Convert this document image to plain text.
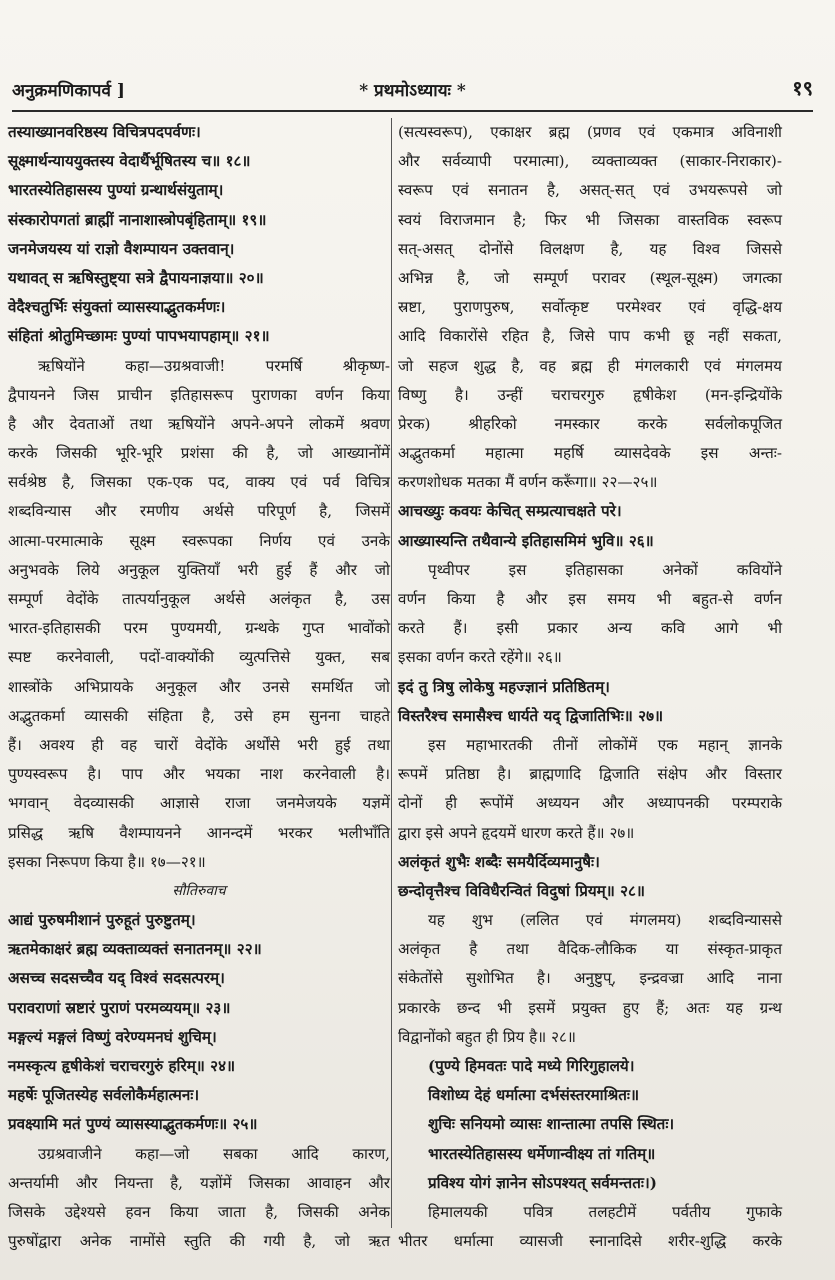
अनुक्रमणिकापर्व ]	* प्रथमोऽध्यायः *	१९
तस्याख्यानवरिष्ठस्य विचित्रपदपर्वणः।
सूक्ष्मार्थन्याययुक्तस्य वेदार्थैर्भूषितस्य च॥ १८॥
भारतस्येतिहासस्य पुण्यां ग्रन्थार्थसंयुताम्।
संस्कारोपगतां ब्राह्मीं नानाशास्त्रोपबृंहिताम्॥ १९॥
जनमेजयस्य यां राज्ञो वैशम्पायन उक्तवान्।
यथावत् स ऋषिस्तुष्ट्या सत्रे द्वैपायनाज्ञया॥ २०॥
वेदैश्चतुर्भिः संयुक्तां व्यासस्याद्भुतकर्मणः।
संहितां श्रोतुमिच्छामः पुण्यां पापभयापहाम्॥ २१॥
ऋषियोंने कहा—उग्रश्रवाजी! परमर्षि श्रीकृष्ण-
द्वैपायनने जिस प्राचीन इतिहासरूप पुराणका वर्णन किया
है और देवताओं तथा ऋषियोंने अपने-अपने लोकमें श्रवण
करके जिसकी भूरि-भूरि प्रशंसा की है, जो आख्यानोंमें
सर्वश्रेष्ठ है, जिसका एक-एक पद, वाक्य एवं पर्व विचित्र
शब्दविन्यास और रमणीय अर्थसे परिपूर्ण है, जिसमें
आत्मा-परमात्माके सूक्ष्म स्वरूपका निर्णय एवं उनके
अनुभवके लिये अनुकूल युक्तियाँ भरी हुई हैं और जो
सम्पूर्ण वेदोंके तात्पर्यानुकूल अर्थसे अलंकृत है, उस
भारत-इतिहासकी परम पुण्यमयी, ग्रन्थके गुप्त भावोंको
स्पष्ट करनेवाली, पदों-वाक्योंकी व्युत्पत्तिसे युक्त, सब
शास्त्रोंके अभिप्रायके अनुकूल और उनसे समर्थित जो
अद्भुतकर्मा व्यासकी संहिता है, उसे हम सुनना चाहते
हैं। अवश्य ही वह चारों वेदोंके अर्थोंसे भरी हुई तथा
पुण्यस्वरूप है। पाप और भयका नाश करनेवाली है।
भगवान् वेदव्यासकी आज्ञासे राजा जनमेजयके यज्ञमें
प्रसिद्ध ऋषि वैशम्पायनने आनन्दमें भरकर भलीभाँति
इसका निरूपण किया है॥ १७—२१॥
सौतिरुवाच
आद्यं पुरुषमीशानं पुरुहूतं पुरुष्टुतम्।
ऋतमेकाक्षरं ब्रह्म व्यक्ताव्यक्तं सनातनम्॥ २२॥
असच्च सदसच्चैव यद् विश्वं सदसत्परम्।
परावराणां स्रष्टारं पुराणं परमव्ययम्॥ २३॥
मङ्गल्यं मङ्गलं विष्णुं वरेण्यमनघं शुचिम्।
नमस्कृत्य हृषीकेशं चराचरगुरुं हरिम्॥ २४॥
महर्षेः पूजितस्येह सर्वलोकैर्महात्मनः।
प्रवक्ष्यामि मतं पुण्यं व्यासस्याद्भुतकर्मणः॥ २५॥
उग्रश्रवाजीने कहा—जो सबका आदि कारण,
अन्तर्यामी और नियन्ता है, यज्ञोंमें जिसका आवाहन और
जिसके उद्देश्यसे हवन किया जाता है, जिसकी अनेक
पुरुषोंद्वारा अनेक नामोंसे स्तुति की गयी है, जो ऋत
(सत्यस्वरूप), एकाक्षर ब्रह्म (प्रणव एवं एकमात्र अविनाशी
और सर्वव्यापी परमात्मा), व्यक्ताव्यक्त (साकार-निराकार)-
स्वरूप एवं सनातन है, असत्-सत् एवं उभयरूपसे जो
स्वयं विराजमान है; फिर भी जिसका वास्तविक स्वरूप
सत्-असत् दोनोंसे विलक्षण है, यह विश्व जिससे
अभिन्न है, जो सम्पूर्ण परावर (स्थूल-सूक्ष्म) जगत्का
स्रष्टा, पुराणपुरुष, सर्वोत्कृष्ट परमेश्वर एवं वृद्धि-क्षय
आदि विकारोंसे रहित है, जिसे पाप कभी छू नहीं सकता,
जो सहज शुद्ध है, वह ब्रह्म ही मंगलकारी एवं मंगलमय
विष्णु है। उन्हीं चराचरगुरु हृषीकेश (मन-इन्द्रियोंके
प्रेरक) श्रीहरिको नमस्कार करके सर्वलोकपूजित
अद्भुतकर्मा महात्मा महर्षि व्यासदेवके इस अन्तः-
करणशोधक मतका मैं वर्णन करूँगा॥ २२—२५॥
आचख्युः कवयः केचित् सम्प्रत्याचक्षते परे।
आख्यास्यन्ति तथैवान्ये इतिहासमिमं भुवि॥ २६॥
पृथ्वीपर इस इतिहासका अनेकों कवियोंने
वर्णन किया है और इस समय भी बहुत-से वर्णन
करते हैं। इसी प्रकार अन्य कवि आगे भी
इसका वर्णन करते रहेंगे॥ २६॥
इदं तु त्रिषु लोकेषु महज्ज्ञानं प्रतिष्ठितम्।
विस्तरैश्च समासैश्च धार्यते यद् द्विजातिभिः॥ २७॥
इस महाभारतकी तीनों लोकोंमें एक महान् ज्ञानके
रूपमें प्रतिष्ठा है। ब्राह्मणादि द्विजाति संक्षेप और विस्तार
दोनों ही रूपोंमें अध्ययन और अध्यापनकी परम्पराके
द्वारा इसे अपने हृदयमें धारण करते हैं॥ २७॥
अलंकृतं शुभैः शब्दैः समयैर्दिव्यमानुषैः।
छन्दोवृत्तैश्च विविधैरन्वितं विदुषां प्रियम्॥ २८॥
यह शुभ (ललित एवं मंगलमय) शब्दविन्याससे
अलंकृत है तथा वैदिक-लौकिक या संस्कृत-प्राकृत
संकेतोंसे सुशोभित है। अनुष्टुप्, इन्द्रवज्रा आदि नाना
प्रकारके छन्द भी इसमें प्रयुक्त हुए हैं; अतः यह ग्रन्थ
विद्वानोंको बहुत ही प्रिय है॥ २८॥
(पुण्ये हिमवतः पादे मध्ये गिरिगुहालये।
विशोध्य देहं धर्मात्मा दर्भसंस्तरमाश्रितः॥
शुचिः सनियमो व्यासः शान्तात्मा तपसि स्थितः।
भारतस्येतिहासस्य धर्मेणान्वीक्ष्य तां गतिम्॥
प्रविश्य योगं ज्ञानेन सोऽपश्यत् सर्वमन्ततः।)
हिमालयकी पवित्र तलहटीमें पर्वतीय गुफाके
भीतर धर्मात्मा व्यासजी स्नानादिसे शरीर-शुद्धि करके
